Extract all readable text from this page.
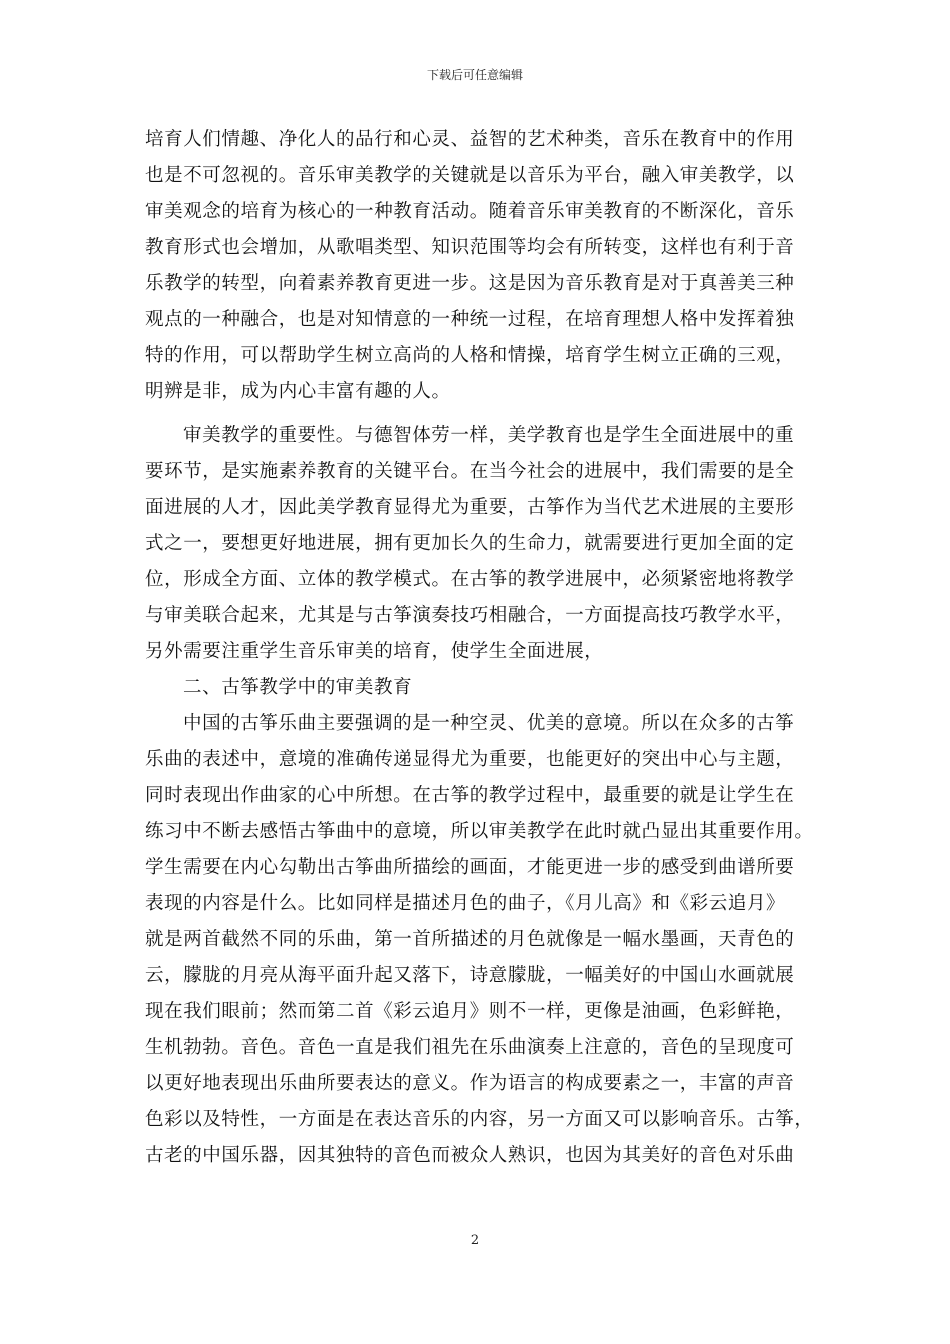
下载后可任意编辑
培育人们情趣、净化人的品行和心灵、益智的艺术种类，音乐在教育中的作用
也是不可忽视的。音乐审美教学的关键就是以音乐为平台，融入审美教学，以
审美观念的培育为核心的一种教育活动。随着音乐审美教育的不断深化，音乐
教育形式也会增加，从歌唱类型、知识范围等均会有所转变，这样也有利于音
乐教学的转型，向着素养教育更进一步。这是因为音乐教育是对于真善美三种
观点的一种融合，也是对知情意的一种统一过程，在培育理想人格中发挥着独
特的作用，可以帮助学生树立高尚的人格和情操，培育学生树立正确的三观，
明辨是非，成为内心丰富有趣的人。
审美教学的重要性。与德智体劳一样，美学教育也是学生全面进展中的重
要环节，是实施素养教育的关键平台。在当今社会的进展中，我们需要的是全
面进展的人才，因此美学教育显得尤为重要，古筝作为当代艺术进展的主要形
式之一，要想更好地进展，拥有更加长久的生命力，就需要进行更加全面的定
位，形成全方面、立体的教学模式。在古筝的教学进展中，必须紧密地将教学
与审美联合起来，尤其是与古筝演奏技巧相融合，一方面提高技巧教学水平，
另外需要注重学生音乐审美的培育，使学生全面进展，
二、古筝教学中的审美教育
中国的古筝乐曲主要强调的是一种空灵、优美的意境。所以在众多的古筝
乐曲的表述中，意境的准确传递显得尤为重要，也能更好的突出中心与主题，
同时表现出作曲家的心中所想。在古筝的教学过程中，最重要的就是让学生在
练习中不断去感悟古筝曲中的意境，所以审美教学在此时就凸显出其重要作用。
学生需要在内心勾勒出古筝曲所描绘的画面，才能更进一步的感受到曲谱所要
表现的内容是什么。比如同样是描述月色的曲子，《月儿高》和《彩云追月》
就是两首截然不同的乐曲，第一首所描述的月色就像是一幅水墨画，天青色的
云，朦胧的月亮从海平面升起又落下，诗意朦胧，一幅美好的中国山水画就展
现在我们眼前；然而第二首《彩云追月》则不一样，更像是油画，色彩鲜艳，
生机勃勃。音色。音色一直是我们祖先在乐曲演奏上注意的，音色的呈现度可
以更好地表现出乐曲所要表达的意义。作为语言的构成要素之一，丰富的声音
色彩以及特性，一方面是在表达音乐的内容，另一方面又可以影响音乐。古筝，
古老的中国乐器，因其独特的音色而被众人熟识，也因为其美好的音色对乐曲
2
